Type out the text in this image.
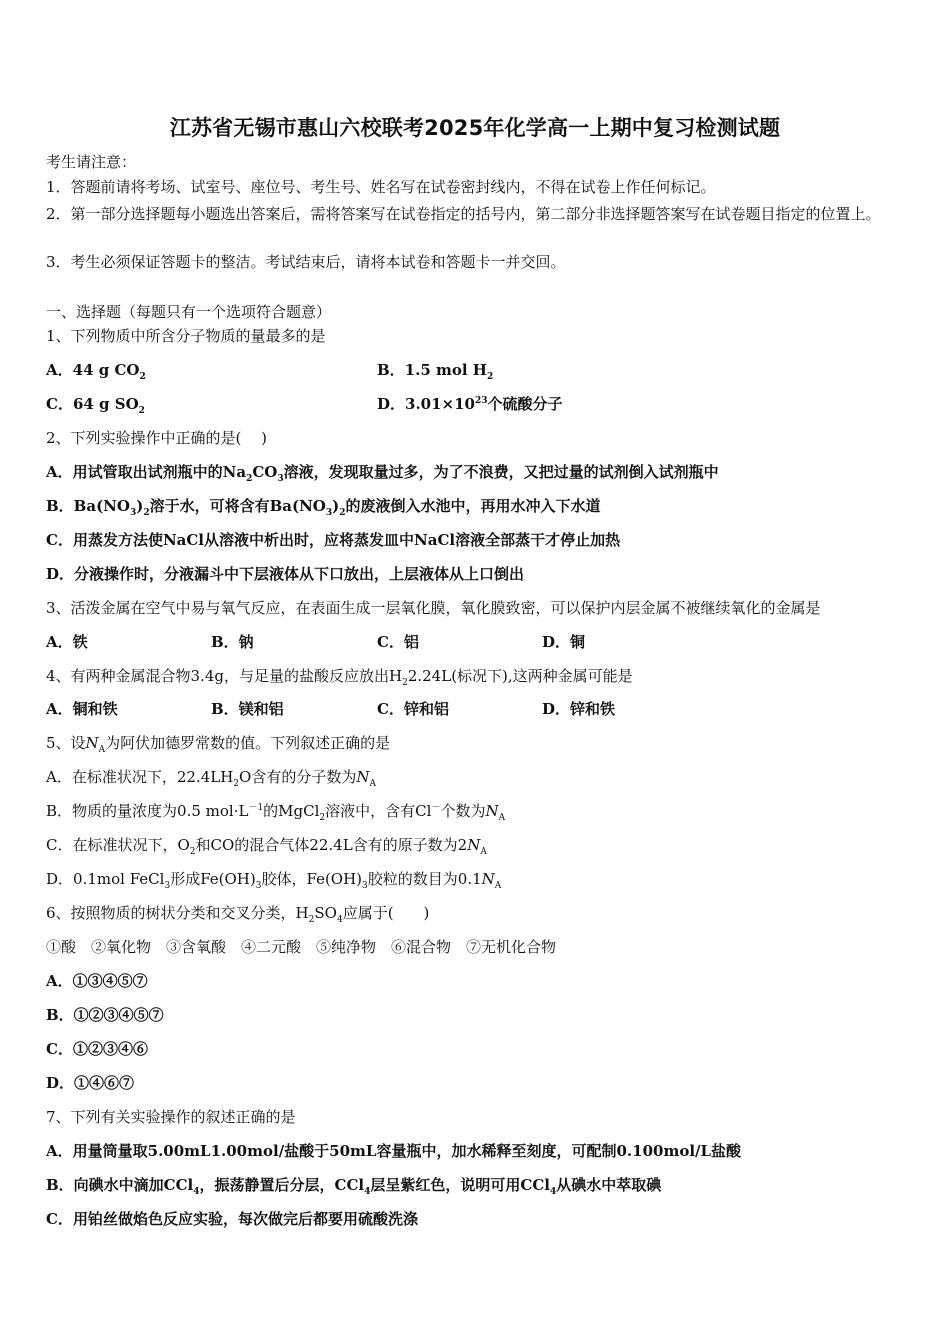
江苏省无锡市惠山六校联考2025年化学高一上期中复习检测试题
考生请注意：
1．答题前请将考场、试室号、座位号、考生号、姓名写在试卷密封线内，不得在试卷上作任何标记。
2．第一部分选择题每小题选出答案后，需将答案写在试卷指定的括号内，第二部分非选择题答案写在试卷题目指定的位置上。
3．考生必须保证答题卡的整洁。考试结束后，请将本试卷和答题卡一并交回。
一、选择题（每题只有一个选项符合题意）
1、下列物质中所含分子物质的量最多的是
A．44 g $CO_2$	B．1.5 mol $H_2$
C．64 g $SO_2$	D．$3.01\times 10^{23}$个硫酸分子
2、下列实验操作中正确的是(　 )
A．用试管取出试剂瓶中的$Na_2CO_3$溶液，发现取量过多，为了不浪费，又把过量的试剂倒入试剂瓶中
B．$Ba(NO_3)_2$溶于水，可将含有$Ba(NO_3)_2$的废液倒入水池中，再用水冲入下水道
C．用蒸发方法使NaCl从溶液中析出时，应将蒸发皿中NaCl溶液全部蒸干才停止加热
D．分液操作时，分液漏斗中下层液体从下口放出，上层液体从上口倒出
3、活泼金属在空气中易与氧气反应，在表面生成一层氧化膜，氧化膜致密，可以保护内层金属不被继续氧化的金属是
A．铁	B．钠	C．铝	D．铜
4、有两种金属混合物3.4g，与足量的盐酸反应放出$H_22.24L$(标况下),这两种金属可能是
A．铜和铁	B．镁和铝	C．锌和铝	D．锌和铁
5、设$N_A$为阿伏加德罗常数的值。下列叙述正确的是
A．在标准状况下，$22.4LH_2O$含有的分子数为$N_A$
B．物质的量浓度为0.5 $mol\cdot L^{-1}$的MgCl$_2$溶液中，含有Cl－个数为$N_A$
C．在标准状况下，$O_2$和CO的混合气体22.4L含有的原子数为$2N_A$
D．0.1mol FeCl$_3$形成$Fe(OH)_3$胶体，$Fe(OH)_3$胶粒的数目为$0.1N_A$
6、按照物质的树状分类和交叉分类，$H_2SO_4$应属于(　　)
①酸　②氧化物　③含氧酸　④二元酸　⑤纯净物　⑥混合物　⑦无机化合物
A．①③④⑤⑦
B．①②③④⑤⑦
C．①②③④⑥
D．①④⑥⑦
7、下列有关实验操作的叙述正确的是
A．用量筒量取5.00mL1.00mol/盐酸于50mL容量瓶中，加水稀释至刻度，可配制0.100mol/L盐酸
B．向碘水中滴加CCl$_4$，振荡静置后分层，CCl$_4$层呈紫红色，说明可用CCl$_4$从碘水中萃取碘
C．用铂丝做焰色反应实验，每次做完后都要用硫酸洗涤
